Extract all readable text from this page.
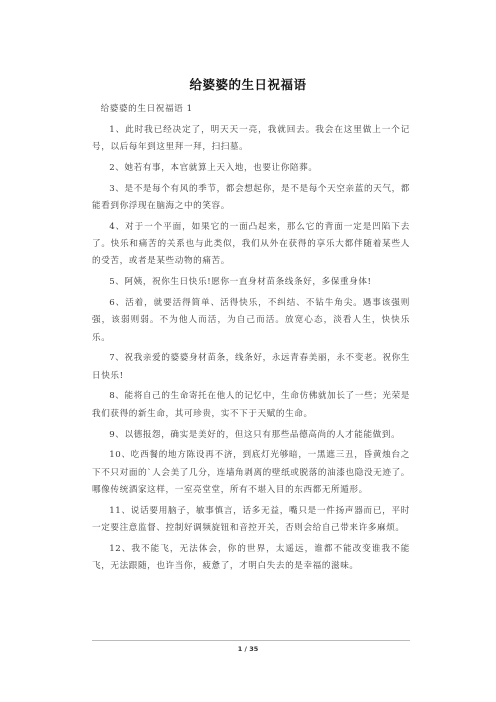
给婆婆的生日祝福语

给婆婆的生日祝福语 1

1、此时我已经决定了，明天天一亮，我就回去。我会在这里做上一个记号，以后每年到这里拜一拜，扫扫墓。

2、她若有事，本官就算上天入地，也要让你陪葬。

3、是不是每个有风的季节，都会想起你，是不是每个天空亲蓝的天气，都能看到你浮现在脑海之中的笑容。

4、对于一个平面，如果它的一面凸起来，那么它的背面一定是凹陷下去了。快乐和痛苦的关系也与此类似，我们从外在获得的享乐大都伴随着某些人的受苦，或者是某些动物的痛苦。

5、阿姨，祝你生日快乐!愿你一直身材苗条线条好，多保重身体!

6、活着，就要活得简单、活得快乐，不纠结、不钻牛角尖。遇事该强则强，该弱则弱。不为他人而活，为自己而活。放宽心态，淡看人生，快快乐乐。

7、祝我亲爱的婆婆身材苗条，线条好，永远青春美丽，永不变老。祝你生日快乐!

8、能将自己的生命寄托在他人的记忆中，生命仿佛就加长了一些；光荣是我们获得的新生命，其可珍贵，实不下于天赋的生命。

9、以德报怨，确实是美好的，但这只有那些品德高尚的人才能能做到。

10、吃西餐的地方陈设再不济，到底灯光够暗，一黑遮三丑，昏黄烛台之下不只对面的`人会美了几分，连墙角剥离的壁纸或脱落的油漆也隐没无迹了。哪像传统酒家这样，一室亮堂堂，所有不堪入目的东西都无所遁形。

11、说话要用脑子，敏事慎言，话多无益，嘴只是一件扬声器而已，平时一定要注意监督、控制好调频旋钮和音控开关，否则会给自己带来许多麻烦。

12、我不能飞，无法体会，你的世界，太遥远，谁都不能改变谁我不能飞，无法跟随，也许当你，疲惫了，才明白失去的是幸福的滋味。

1 / 35
